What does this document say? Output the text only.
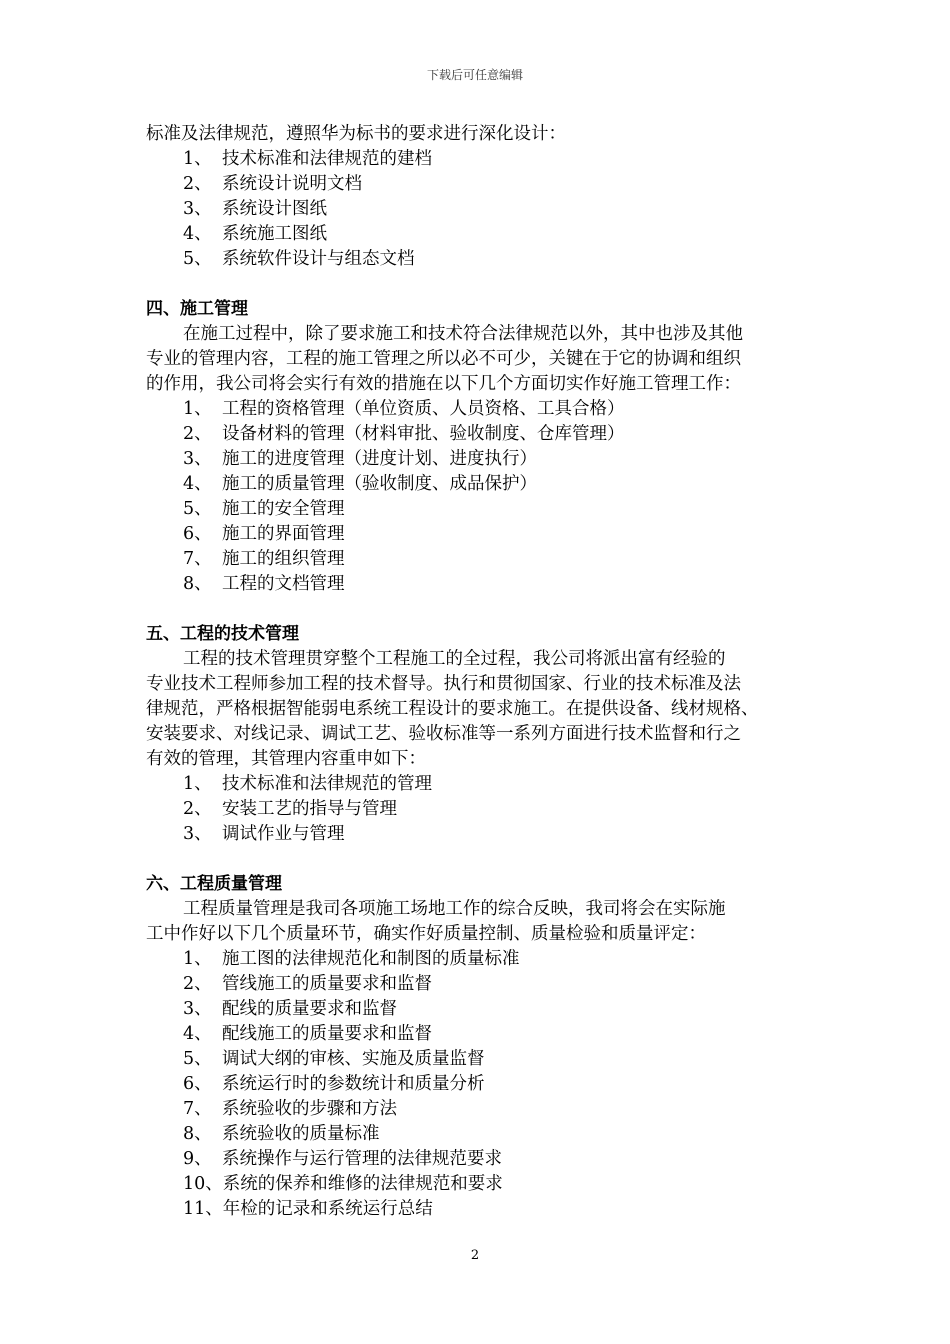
下载后可任意编辑
标准及法律规范，遵照华为标书的要求进行深化设计：
1、 技术标准和法律规范的建档
2、 系统设计说明文档
3、 系统设计图纸
4、 系统施工图纸
5、 系统软件设计与组态文档
四、施工管理
在施工过程中，除了要求施工和技术符合法律规范以外，其中也涉及其他
专业的管理内容，工程的施工管理之所以必不可少，关键在于它的协调和组织
的作用，我公司将会实行有效的措施在以下几个方面切实作好施工管理工作：
1、 工程的资格管理（单位资质、人员资格、工具合格）
2、 设备材料的管理（材料审批、验收制度、仓库管理）
3、 施工的进度管理（进度计划、进度执行）
4、 施工的质量管理（验收制度、成品保护）
5、 施工的安全管理
6、 施工的界面管理
7、 施工的组织管理
8、 工程的文档管理
五、工程的技术管理
工程的技术管理贯穿整个工程施工的全过程，我公司将派出富有经验的
专业技术工程师参加工程的技术督导。执行和贯彻国家、行业的技术标准及法
律规范，严格根据智能弱电系统工程设计的要求施工。在提供设备、线材规格、
安装要求、对线记录、调试工艺、验收标准等一系列方面进行技术监督和行之
有效的管理，其管理内容重申如下：
1、 技术标准和法律规范的管理
2、 安装工艺的指导与管理
3、 调试作业与管理
六、工程质量管理
工程质量管理是我司各项施工场地工作的综合反映，我司将会在实际施
工中作好以下几个质量环节，确实作好质量控制、质量检验和质量评定：
1、 施工图的法律规范化和制图的质量标准
2、 管线施工的质量要求和监督
3、 配线的质量要求和监督
4、 配线施工的质量要求和监督
5、 调试大纲的审核、实施及质量监督
6、 系统运行时的参数统计和质量分析
7、 系统验收的步骤和方法
8、 系统验收的质量标准
9、 系统操作与运行管理的法律规范要求
10、系统的保养和维修的法律规范和要求
11、年检的记录和系统运行总结
2
